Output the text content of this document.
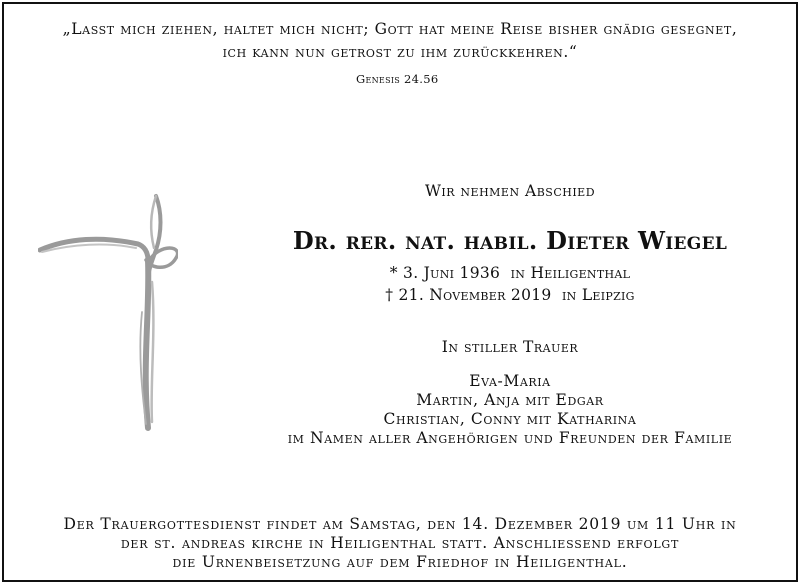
„Lasst mich ziehen, haltet mich nicht; Gott hat meine Reise bisher gnädig gesegnet,
ich kann nun getrost zu ihm zurückkehren.“
Genesis 24.56
Wir nehmen Abschied
Dr. rer. nat. habil. Dieter Wiegel
* 3. Juni 1936  in Heiligenthal
† 21. November 2019  in Leipzig
In stiller Trauer
Eva-Maria
Martin, Anja mit Edgar
Christian, Conny mit Katharina
im Namen aller Angehörigen und Freunden der Familie
Der Trauergottesdienst findet am Samstag, den 14. Dezember 2019 um 11 Uhr in
der st. andreas kirche in Heiligenthal statt. Anschliessend erfolgt
die Urnenbeisetzung auf dem Friedhof in Heiligenthal.
